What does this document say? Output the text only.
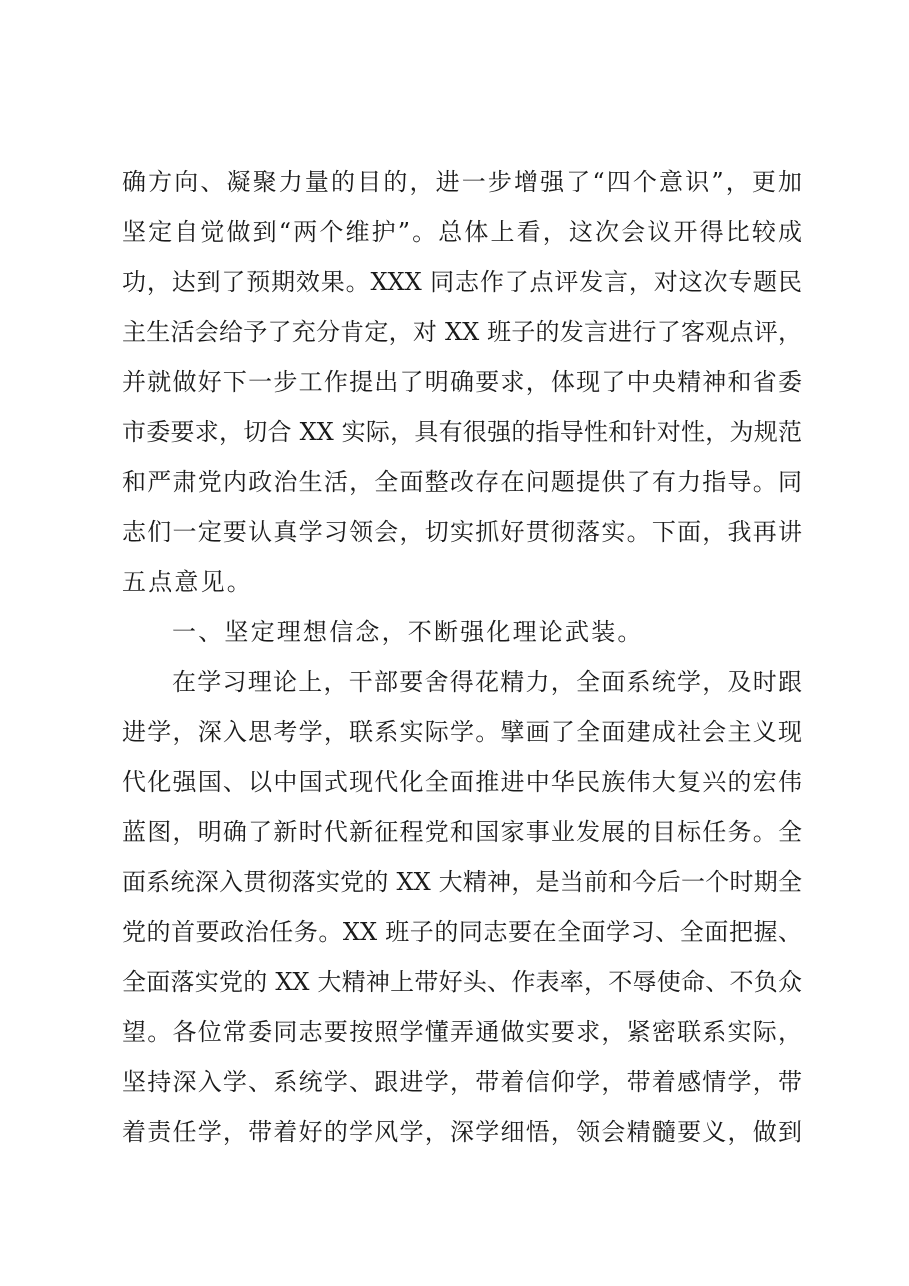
确方向、凝聚力量的目的，进一步增强了“四个意识”，更加
坚定自觉做到“两个维护”。总体上看，这次会议开得比较成
功，达到了预期效果。XXX 同志作了点评发言，对这次专题民
主生活会给予了充分肯定，对 XX 班子的发言进行了客观点评，
并就做好下一步工作提出了明确要求，体现了中央精神和省委
市委要求，切合 XX 实际，具有很强的指导性和针对性，为规范
和严肃党内政治生活，全面整改存在问题提供了有力指导。同
志们一定要认真学习领会，切实抓好贯彻落实。下面，我再讲
五点意见。
一、坚定理想信念，不断强化理论武装。
在学习理论上，干部要舍得花精力，全面系统学，及时跟
进学，深入思考学，联系实际学。擘画了全面建成社会主义现
代化强国、以中国式现代化全面推进中华民族伟大复兴的宏伟
蓝图，明确了新时代新征程党和国家事业发展的目标任务。全
面系统深入贯彻落实党的 XX 大精神，是当前和今后一个时期全
党的首要政治任务。XX 班子的同志要在全面学习、全面把握、
全面落实党的 XX 大精神上带好头、作表率，不辱使命、不负众
望。各位常委同志要按照学懂弄通做实要求，紧密联系实际，
坚持深入学、系统学、跟进学，带着信仰学，带着感情学，带
着责任学，带着好的学风学，深学细悟，领会精髓要义，做到
